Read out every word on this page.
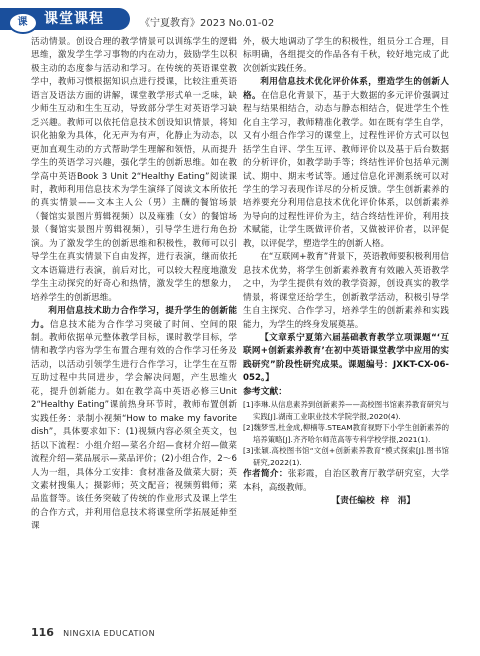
课	课堂课程	《宁夏教育》2023 No.01-02

活动情景。创设合理的教学情景可以训练学生的逻辑思维，激发学生学习事物的内在动力，鼓励学生以积极主动的态度参与活动和学习。在传统的英语课堂教学中，教师习惯根据知识点进行授课，比较注重英语语言及语法方面的讲解，课堂教学形式单一乏味，缺少师生互动和生生互动，导致部分学生对英语学习缺乏兴趣。教师可以依托信息技术创设知识情景，将知识化抽象为具体，化无声为有声，化静止为动态，以更加直观生动的方式帮助学生理解和领悟，从而提升学生的英语学习兴趣，强化学生的创新思维。如在教学高中英语Book 3 Unit 2“Healthy Eating”阅读课时，教师利用信息技术为学生演绎了阅读文本所依托的真实情景——文本主人公（男）主酬的餐馆场景（餐馆实景图片剪辑视频）以及雍雅（女）的餐馆场景（餐馆实景图片剪辑视频），引导学生进行角色扮演。为了激发学生的创新思维和积极性，教师可以引导学生在真实情景下自由发挥，进行表演，继而依托文本语篇进行表演，前后对比，可以较大程度地激发学生主动探究的好奇心和热情，激发学生的想象力，培养学生的创新思维。

利用信息技术助力合作学习，提升学生的创新能力。信息技术能为合作学习突破了时间、空间的限制。教师依据单元整体教学目标，课时教学目标，学情和教学内容为学生布置合理有效的合作学习任务及活动，以活动引领学生进行合作学习，让学生在互帮互助过程中共同进步，学会解决问题，产生思维火花，提升创新能力。如在教学高中英语必修三Unit 2“Healthy Eating”课前热身环节时，教师布置创新实践任务：录制小视频“How to make my favorite dish”，具体要求如下：(1)视频内容必须全英文，包括以下流程：小组介绍—菜名介绍—食材介绍—做菜流程介绍—菜品展示—菜品评价；(2)小组合作，2～6人为一组，具体分工安排：食材准备及做菜大厨；英文素材搜集人；摄影师；英文配音；视频剪辑师；菜品监督等。该任务突破了传统的作业形式及课上学生的合作方式，并利用信息技术将课堂所学拓展延伸至课

外，极大地调动了学生的积极性，组员分工合理，目标明确，各组提交的作品各有千秋，较好地完成了此次创新实践任务。

利用信息技术优化评价体系，塑造学生的创新人格。在信息化背景下，基于大数据的多元评价强调过程与结果相结合，动态与静态相结合，促进学生个性化自主学习，教师精准化教学。如在既有学生自学，又有小组合作学习的课堂上，过程性评价方式可以包括学生自评、学生互评、教师评价以及基于后台数据的分析评价，如教学助手等；终结性评价包括单元测试、期中、期末考试等。通过信息化评测系统可以对学生的学习表现作详尽的分析反馈。学生创新素养的培养要充分利用信息技术优化评价体系，以创新素养为导向的过程性评价为主，结合终结性评价，利用技术赋能，让学生既做评价者，又做被评价者，以评促教，以评促学，塑造学生的创新人格。

在“互联网+教育”背景下，英语教师要积极利用信息技术优势，将学生创新素养教育有效融入英语教学之中，为学生提供有效的教学资源，创设真实的教学情景，将课堂还给学生，创新教学活动，积极引导学生自主探究、合作学习，培养学生的创新素养和实践能力，为学生的终身发展奠基。

【文章系宁夏第六届基础教育教学立项课题“‘互联网+创新素养教育’在初中英语课堂教学中应用的实践研究”阶段性研究成果。课题编号：JXKT-CX-06-052。】

参考文献：

[1]李琳.从信息素养到创新素养——高校图书馆素养教育研究与实践[J].湖南工业职业技术学院学报,2020(4).

[2]魏梦雪,杜金成,柳楠等.STEAM教育视野下小学生创新素养的培养策略[J].齐齐哈尔师范高等专科学校学报,2021(1).

[3]张颖.高校图书馆“文创+创新素养教育”模式探索[J].图书馆研究,2022(1).

作者简介：张彩霞，自治区教育厅教学研究室，大学本科，高级教师。

【责任编校 梓　涓】

116 NINGXIA EDUCATION
